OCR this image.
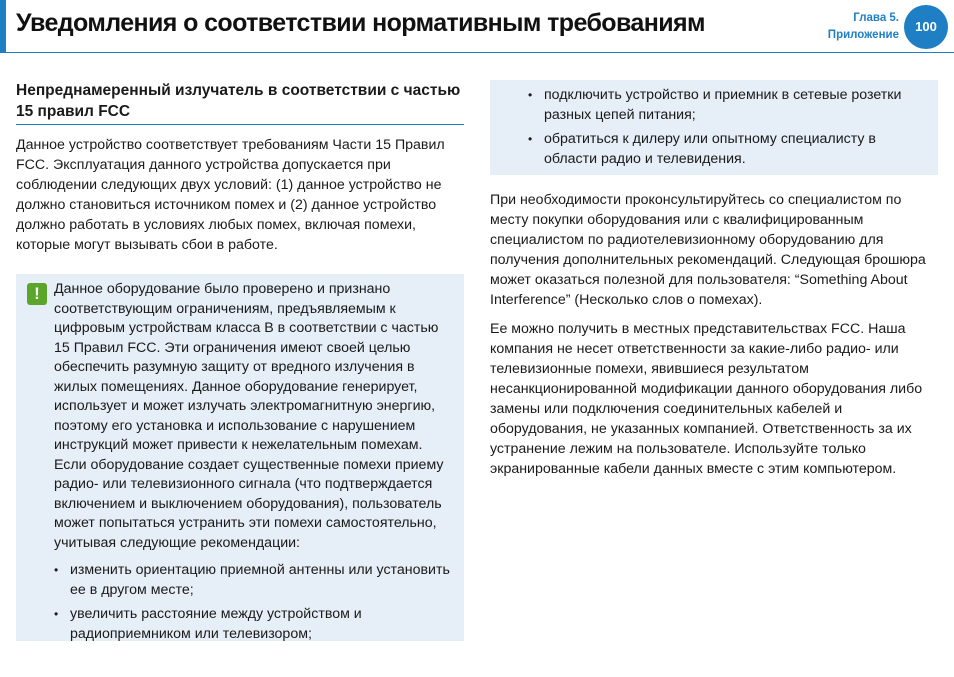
Уведомления о соответствии нормативным требованиям	Глава 5.
Приложение
100
Непреднамеренный излучатель в соответствии с частью 15 правил FCC

Данное устройство соответствует требованиям Части 15 Правил FCC. Эксплуатация данного устройства допускается при соблюдении следующих двух условий: (1) данное устройство не должно становиться источником помех и (2) данное устройство должно работать в условиях любых помех, включая помехи, которые могут вызывать сбои в работе.

! Данное оборудование было проверено и признано соответствующим ограничениям, предъявляемым к цифровым устройствам класса B в соответствии с частью 15 Правил FCC. Эти ограничения имеют своей целью обеспечить разумную защиту от вредного излучения в жилых помещениях. Данное оборудование генерирует, использует и может излучать электромагнитную энергию, поэтому его установка и использование с нарушением инструкций может привести к нежелательным помехам. Если оборудование создает существенные помехи приему радио- или телевизионного сигнала (что подтверждается включением и выключением оборудования), пользователь может попытаться устранить эти помехи самостоятельно, учитывая следующие рекомендации:

• изменить ориентацию приемной антенны или установить ее в другом месте;
• увеличить расстояние между устройством и радиоприемником или телевизором;
• подключить устройство и приемник в сетевые розетки разных цепей питания;
• обратиться к дилеру или опытному специалисту в области радио и телевидения.

При необходимости проконсультируйтесь со специалистом по месту покупки оборудования или с квалифицированным специалистом по радиотелевизионному оборудованию для получения дополнительных рекомендаций. Следующая брошюра может оказаться полезной для пользователя: “Something About Interference” (Несколько слов о помехах).

Ее можно получить в местных представительствах FCC. Наша компания не несет ответственности за какие-либо радио- или телевизионные помехи, явившиеся результатом несанкционированной модификации данного оборудования либо замены или подключения соединительных кабелей и оборудования, не указанных компанией. Ответственность за их устранение лежим на пользователе. Используйте только экранированные кабели данных вместе с этим компьютером.
